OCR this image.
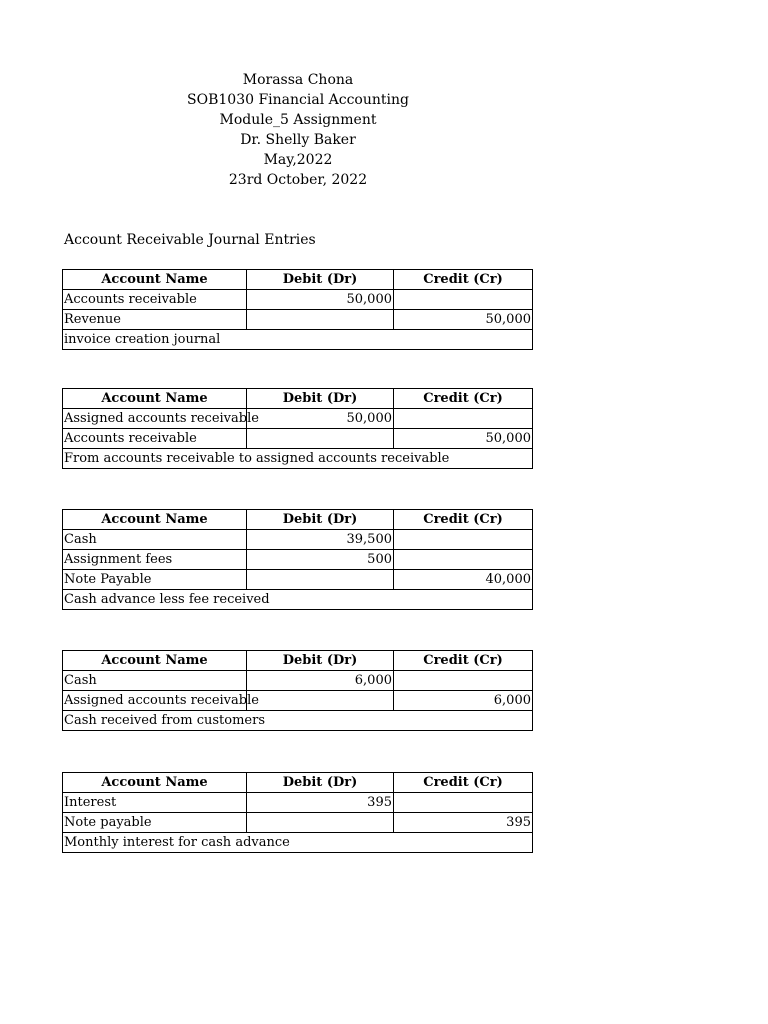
Morassa Chona
SOB1030 Financial Accounting
Module_5 Assignment
Dr. Shelly Baker
May,2022
23rd October, 2022
Account Receivable Journal Entries
Account Name	Debit (Dr)	Credit (Cr)
Accounts receivable	50,000	
Revenue		50,000
invoice creation journal		
Account Name	Debit (Dr)	Credit (Cr)
Assigned accounts receivable	50,000	
Accounts receivable		50,000
From accounts receivable to assigned accounts receivable		
Account Name	Debit (Dr)	Credit (Cr)
Cash	39,500	
Assignment fees	500	
Note Payable		40,000
Cash advance less fee received		
Account Name	Debit (Dr)	Credit (Cr)
Cash	6,000	
Assigned accounts receivable		6,000
Cash received from customers		
Account Name	Debit (Dr)	Credit (Cr)
Interest	395	
Note payable		395
Monthly interest for cash advance		
